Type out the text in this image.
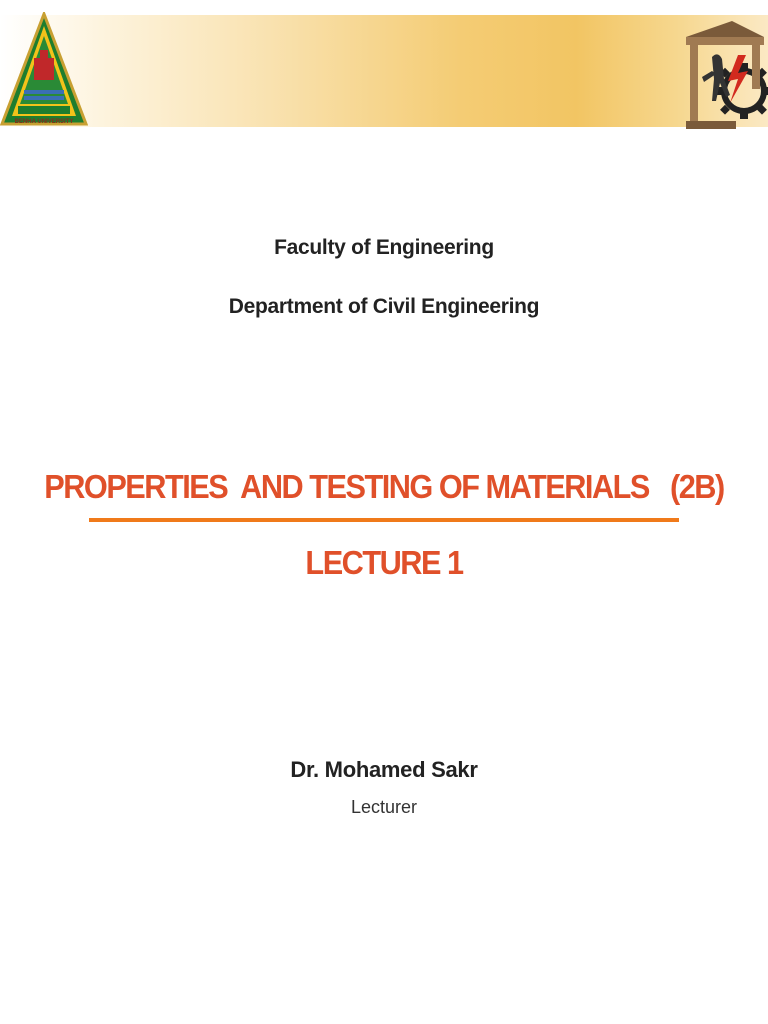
BENHA UNIVERSITY
Faculty of Engineering
Department of Civil Engineering
PROPERTIES  AND TESTING OF MATERIALS   (2B)
LECTURE 1
Dr. Mohamed Sakr
Lecturer
